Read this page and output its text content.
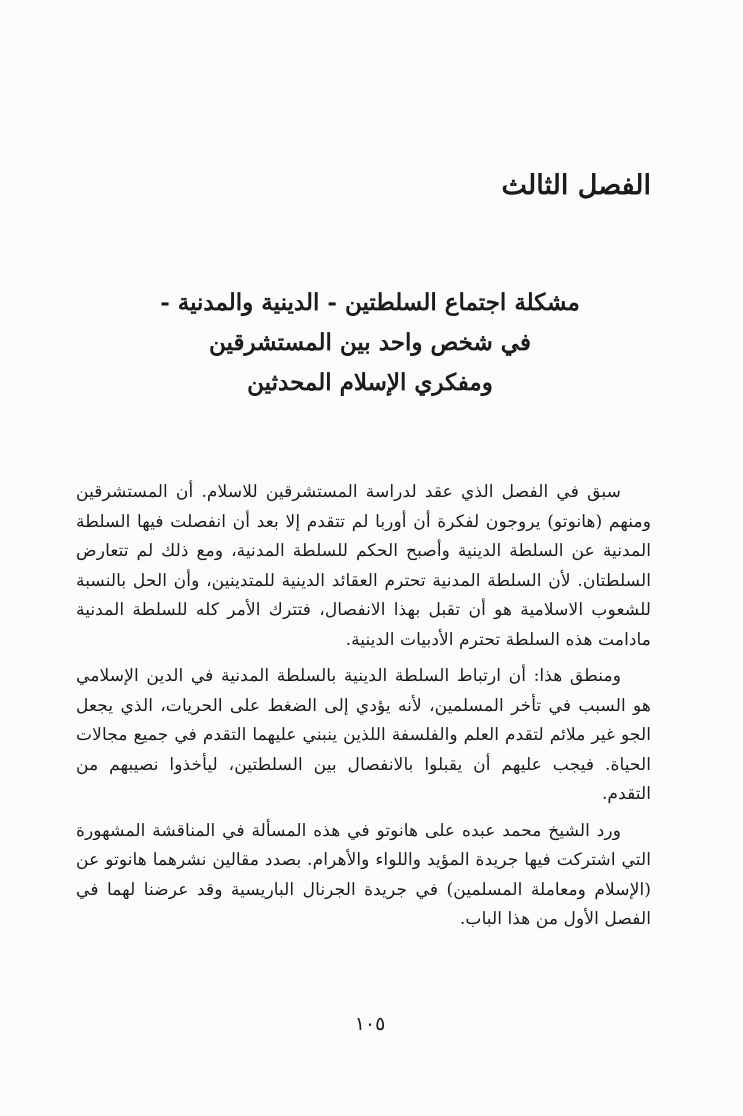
الفصل الثالث
مشكلة اجتماع السلطتين - الدينية والمدنية -
في شخص واحد بين المستشرقين
ومفكري الإسلام المحدثين

سبق في الفصل الذي عقد لدراسة المستشرقين للاسلام. أن المستشرقين ومنهم (هانوتو) يروجون لفكرة أن أوربا لم تتقدم إلا بعد أن انفصلت فيها السلطة المدنية عن السلطة الدينية وأصبح الحكم للسلطة المدنية، ومع ذلك لم تتعارض السلطتان. لأن السلطة المدنية تحترم العقائد الدينية للمتدينين، وأن الحل بالنسبة للشعوب الاسلامية هو أن تقبل بهذا الانفصال، فتترك الأمر كله للسلطة المدنية مادامت هذه السلطة تحترم الأدبيات الدينية.

ومنطق هذا: أن ارتباط السلطة الدينية بالسلطة المدنية في الدين الإسلامي هو السبب في تأخر المسلمين، لأنه يؤدي إلى الضغط على الحريات، الذي يجعل الجو غير ملائم لتقدم العلم والفلسفة اللذين ينبني عليهما التقدم في جميع مجالات الحياة. فيجب عليهم أن يقبلوا بالانفصال بين السلطتين، ليأخذوا نصيبهم من التقدم.

ورد الشيخ محمد عبده على هانوتو في هذه المسألة في المناقشة المشهورة التي اشتركت فيها جريدة المؤيد واللواء والأهرام. بصدد مقالين نشرهما هانوتو عن (الإسلام ومعاملة المسلمين) في جريدة الجرنال الباريسية وقد عرضنا لهما في الفصل الأول من هذا الباب.

١٠٥
